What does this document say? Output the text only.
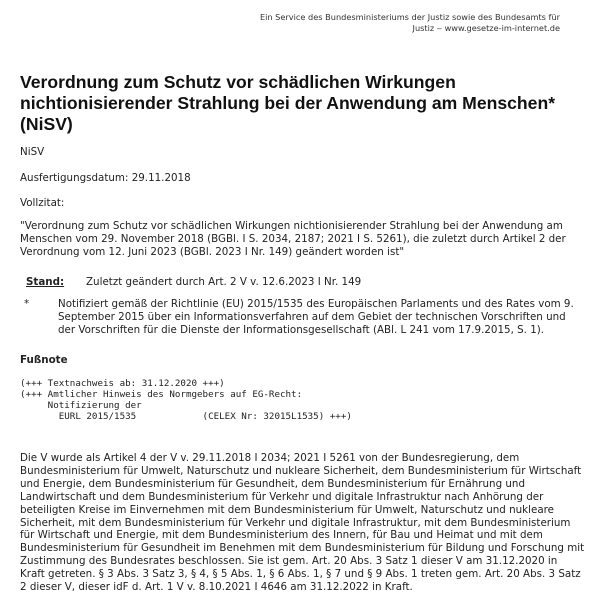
Ein Service des Bundesministeriums der Justiz sowie des Bundesamts für
Justiz ‒ www.gesetze-im-internet.de
Verordnung zum Schutz vor schädlichen Wirkungen nichtionisierender Strahlung bei der Anwendung am Menschen* (NiSV)
NiSV
Ausfertigungsdatum: 29.11.2018
Vollzitat:
"Verordnung zum Schutz vor schädlichen Wirkungen nichtionisierender Strahlung bei der Anwendung am Menschen vom 29. November 2018 (BGBl. I S. 2034, 2187; 2021 I S. 5261), die zuletzt durch Artikel 2 der Verordnung vom 12. Juni 2023 (BGBl. 2023 I Nr. 149) geändert worden ist"
Stand: Zuletzt geändert durch Art. 2 V v. 12.6.2023 I Nr. 149
*	Notifiziert gemäß der Richtlinie (EU) 2015/1535 des Europäischen Parlaments und des Rates vom 9. September 2015 über ein Informationsverfahren auf dem Gebiet der technischen Vorschriften und der Vorschriften für die Dienste der Informationsgesellschaft (ABl. L 241 vom 17.9.2015, S. 1).
Fußnote
(+++ Textnachweis ab: 31.12.2020 +++)
(+++ Amtlicher Hinweis des Normgebers auf EG-Recht:
Notifizierung der
EURL 2015/1535            (CELEX Nr: 32015L1535) +++)
Die V wurde als Artikel 4 der V v. 29.11.2018 I 2034; 2021 I 5261 von der Bundesregierung, dem Bundesministerium für Umwelt, Naturschutz und nukleare Sicherheit, dem Bundesministerium für Wirtschaft und Energie, dem Bundesministerium für Gesundheit, dem Bundesministerium für Ernährung und Landwirtschaft und dem Bundesministerium für Verkehr und digitale Infrastruktur nach Anhörung der beteiligten Kreise im Einvernehmen mit dem Bundesministerium für Umwelt, Naturschutz und nukleare Sicherheit, mit dem Bundesministerium für Verkehr und digitale Infrastruktur, mit dem Bundesministerium für Wirtschaft und Energie, mit dem Bundesministerium des Innern, für Bau und Heimat und mit dem Bundesministerium für Gesundheit im Benehmen mit dem Bundesministerium für Bildung und Forschung mit Zustimmung des Bundesrates beschlossen. Sie ist gem. Art. 20 Abs. 3 Satz 1 dieser V am 31.12.2020 in Kraft getreten. § 3 Abs. 3 Satz 3, § 4, § 5 Abs. 1, § 6 Abs. 1, § 7 und § 9 Abs. 1 treten gem. Art. 20 Abs. 3 Satz 2 dieser V, dieser idF d. Art. 1 V v. 8.10.2021 I 4646 am 31.12.2022 in Kraft.
